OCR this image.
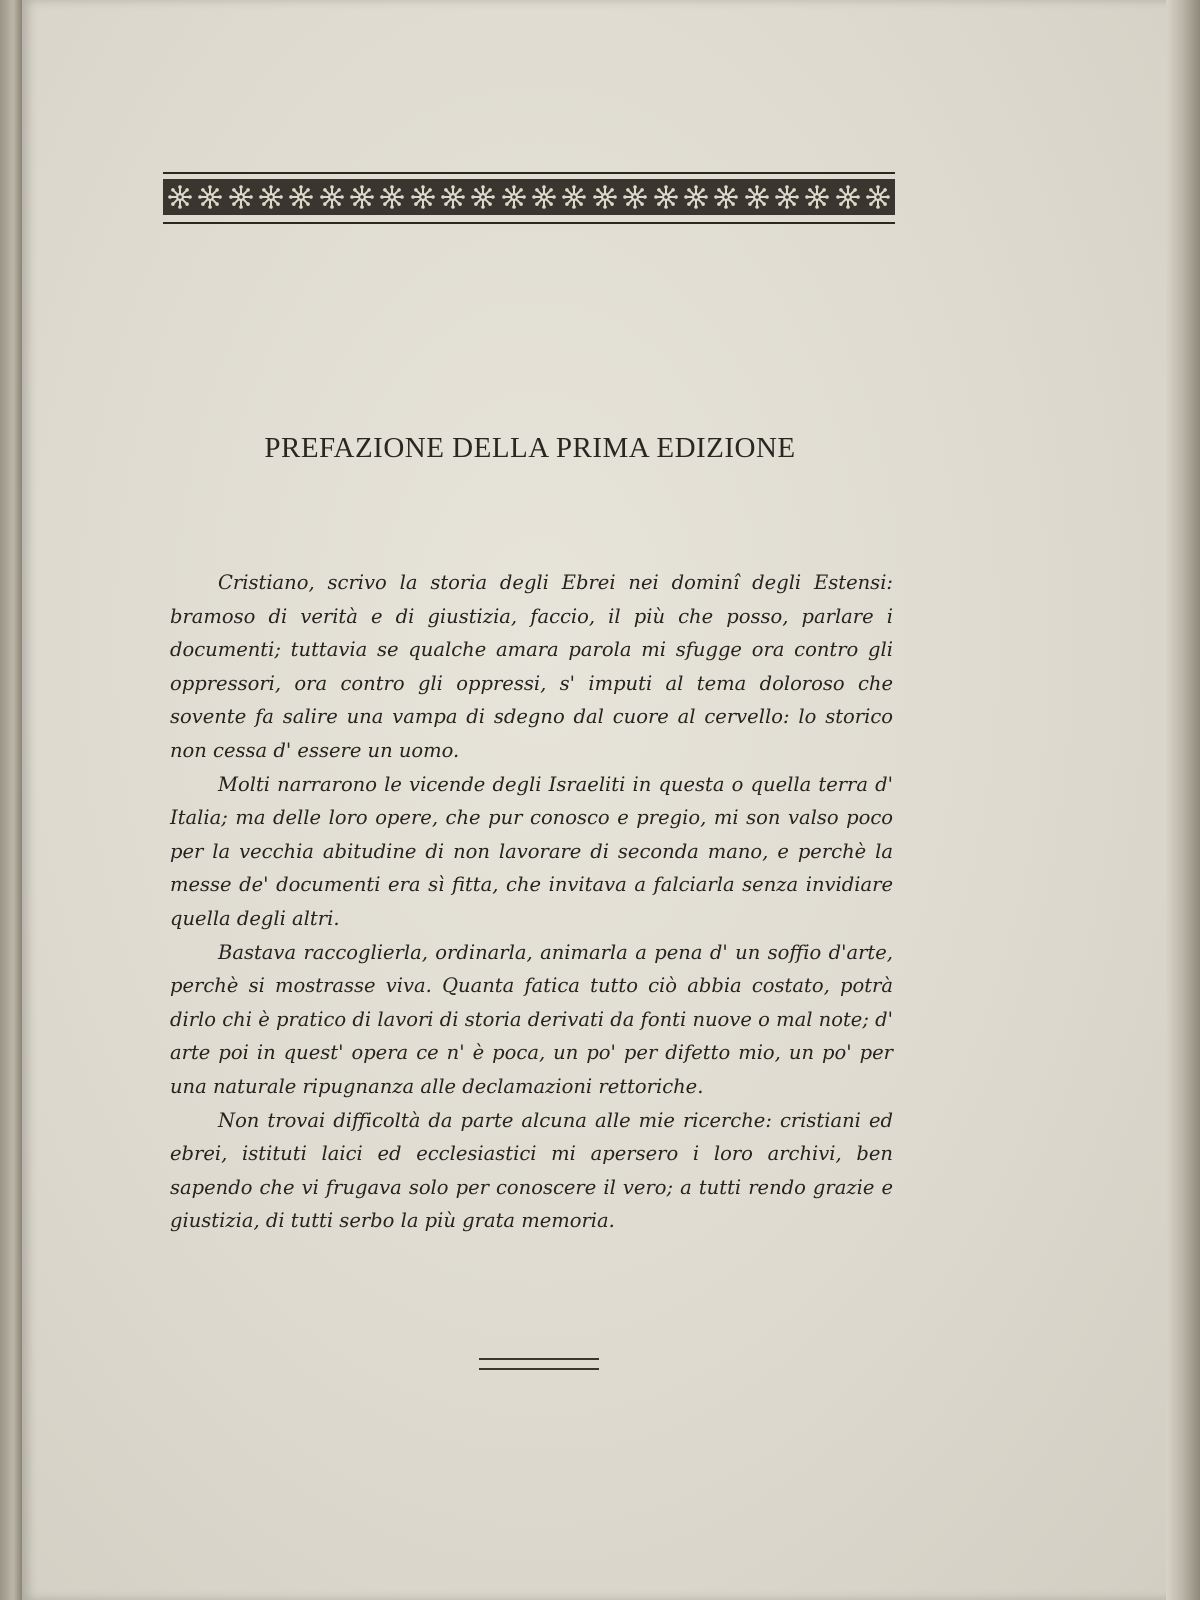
PREFAZIONE DELLA PRIMA EDIZIONE

Cristiano, scrivo la storia degli Ebrei nei dominî degli Estensi: bramoso di verità e di giustizia, faccio, il più che posso, parlare i documenti; tuttavia se qualche amara parola mi sfugge ora contro gli oppressori, ora contro gli oppressi, s' imputi al tema doloroso che sovente fa salire una vampa di sdegno dal cuore al cervello: lo storico non cessa d' essere un uomo.

Molti narrarono le vicende degli Israeliti in questa o quella terra d' Italia; ma delle loro opere, che pur conosco e pregio, mi son valso poco per la vecchia abitudine di non lavorare di seconda mano, e perchè la messe de' documenti era sì fitta, che invitava a falciarla senza invidiare quella degli altri.

Bastava raccoglierla, ordinarla, animarla a pena d' un soffio d'arte, perchè si mostrasse viva. Quanta fatica tutto ciò abbia costato, potrà dirlo chi è pratico di lavori di storia derivati da fonti nuove o mal note; d' arte poi in quest' opera ce n' è poca, un po' per difetto mio, un po' per una naturale ripugnanza alle declamazioni rettoriche.

Non trovai difficoltà da parte alcuna alle mie ricerche: cristiani ed ebrei, istituti laici ed ecclesiastici mi apersero i loro archivi, ben sapendo che vi frugava solo per conoscere il vero; a tutti rendo grazie e giustizia, di tutti serbo la più grata memoria.
